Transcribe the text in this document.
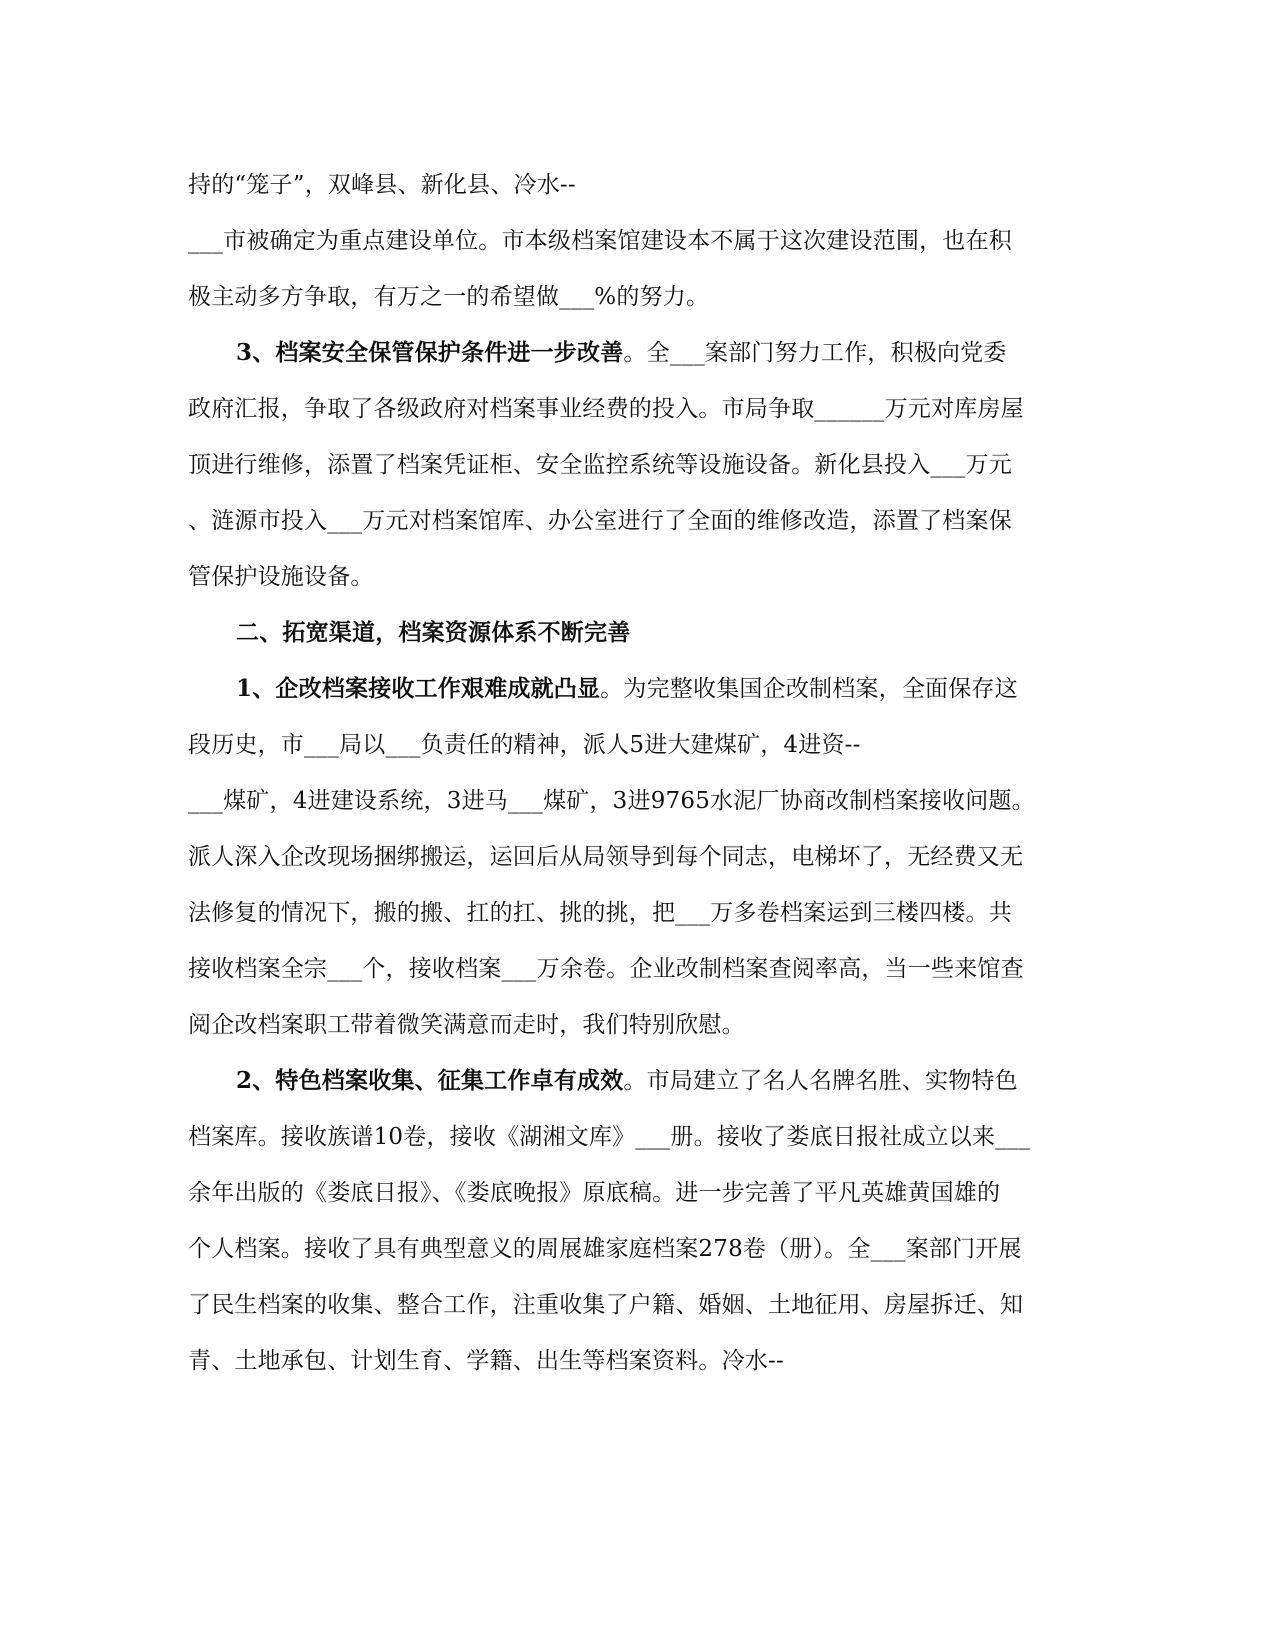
持的“笼子”，双峰县、新化县、冷水--
___市被确定为重点建设单位。市本级档案馆建设本不属于这次建设范围，也在积
极主动多方争取，有万之一的希望做___%的努力。
3、档案安全保管保护条件进一步改善。全___案部门努力工作，积极向党委
政府汇报，争取了各级政府对档案事业经费的投入。市局争取______万元对库房屋
顶进行维修，添置了档案凭证柜、安全监控系统等设施设备。新化县投入___万元
、涟源市投入___万元对档案馆库、办公室进行了全面的维修改造，添置了档案保
管保护设施设备。
二、拓宽渠道，档案资源体系不断完善
1、企改档案接收工作艰难成就凸显。为完整收集国企改制档案，全面保存这
段历史，市___局以___负责任的精神，派人5进大建煤矿，4进资--
___煤矿，4进建设系统，3进马___煤矿，3进9765水泥厂协商改制档案接收问题。
派人深入企改现场捆绑搬运，运回后从局领导到每个同志，电梯坏了，无经费又无
法修复的情况下，搬的搬、扛的扛、挑的挑，把___万多卷档案运到三楼四楼。共
接收档案全宗___个，接收档案___万余卷。企业改制档案查阅率高，当一些来馆查
阅企改档案职工带着微笑满意而走时，我们特别欣慰。
2、特色档案收集、征集工作卓有成效。市局建立了名人名牌名胜、实物特色
档案库。接收族谱10卷，接收《湖湘文库》___册。接收了娄底日报社成立以来___
余年出版的《娄底日报》、《娄底晚报》原底稿。进一步完善了平凡英雄黄国雄的
个人档案。接收了具有典型意义的周展雄家庭档案278卷（册）。全___案部门开展
了民生档案的收集、整合工作，注重收集了户籍、婚姻、土地征用、房屋拆迁、知
青、土地承包、计划生育、学籍、出生等档案资料。冷水--
